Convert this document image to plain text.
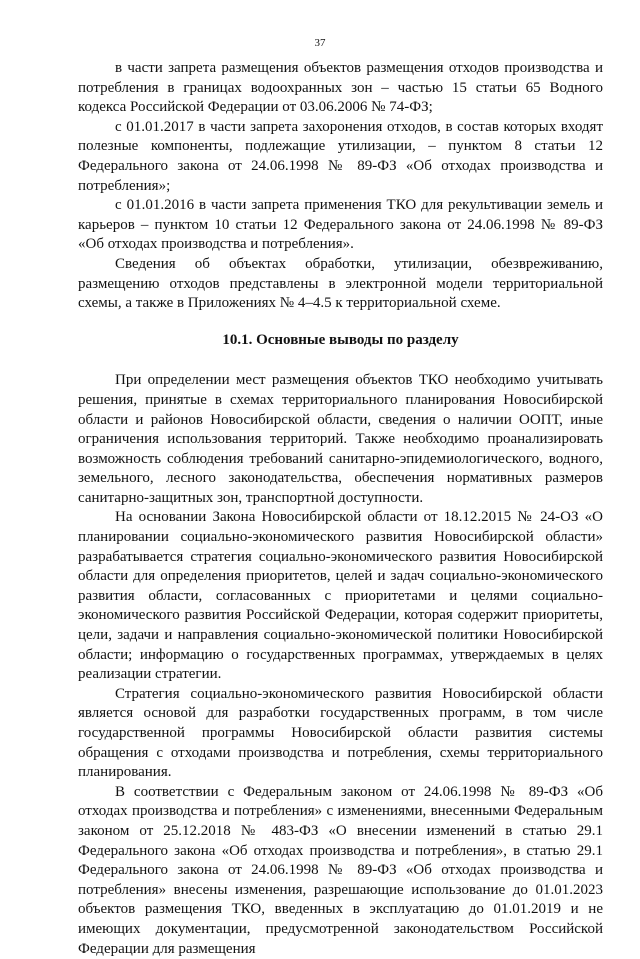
37

в части запрета размещения объектов размещения отходов производства и потребления в границах водоохранных зон – частью 15 статьи 65 Водного кодекса Российской Федерации от 03.06.2006 № 74-ФЗ;

с 01.01.2017 в части запрета захоронения отходов, в состав которых входят полезные компоненты, подлежащие утилизации, – пунктом 8 статьи 12 Федерального закона от 24.06.1998 № 89-ФЗ «Об отходах производства и потребления»;

с 01.01.2016 в части запрета применения ТКО для рекультивации земель и карьеров – пунктом 10 статьи 12 Федерального закона от 24.06.1998 № 89-ФЗ «Об отходах производства и потребления».

Сведения об объектах обработки, утилизации, обезвреживанию, размещению отходов представлены в электронной модели территориальной схемы, а также в Приложениях № 4–4.5 к территориальной схеме.

10.1. Основные выводы по разделу

При определении мест размещения объектов ТКО необходимо учитывать решения, принятые в схемах территориального планирования Новосибирской области и районов Новосибирской области, сведения о наличии ООПТ, иные ограничения использования территорий. Также необходимо проанализировать возможность соблюдения требований санитарно-эпидемиологического, водного, земельного, лесного законодательства, обеспечения нормативных размеров санитарно-защитных зон, транспортной доступности.

На основании Закона Новосибирской области от 18.12.2015 № 24-ОЗ «О планировании социально-экономического развития Новосибирской области» разрабатывается стратегия социально-экономического развития Новосибирской области для определения приоритетов, целей и задач социально-экономического развития области, согласованных с приоритетами и целями социально-экономического развития Российской Федерации, которая содержит приоритеты, цели, задачи и направления социально-экономической политики Новосибирской области; информацию о государственных программах, утверждаемых в целях реализации стратегии.

Стратегия социально-экономического развития Новосибирской области является основой для разработки государственных программ, в том числе государственной программы Новосибирской области развития системы обращения с отходами производства и потребления, схемы территориального планирования.

В соответствии с Федеральным законом от 24.06.1998 № 89-ФЗ «Об отходах производства и потребления» с изменениями, внесенными Федеральным законом от 25.12.2018 № 483-ФЗ «О внесении изменений в статью 29.1 Федерального закона «Об отходах производства и потребления», в статью 29.1 Федерального закона от 24.06.1998 № 89-ФЗ «Об отходах производства и потребления» внесены изменения, разрешающие использование до 01.01.2023 объектов размещения ТКО, введенных в эксплуатацию до 01.01.2019 и не имеющих документации, предусмотренной законодательством Российской Федерации для размещения
